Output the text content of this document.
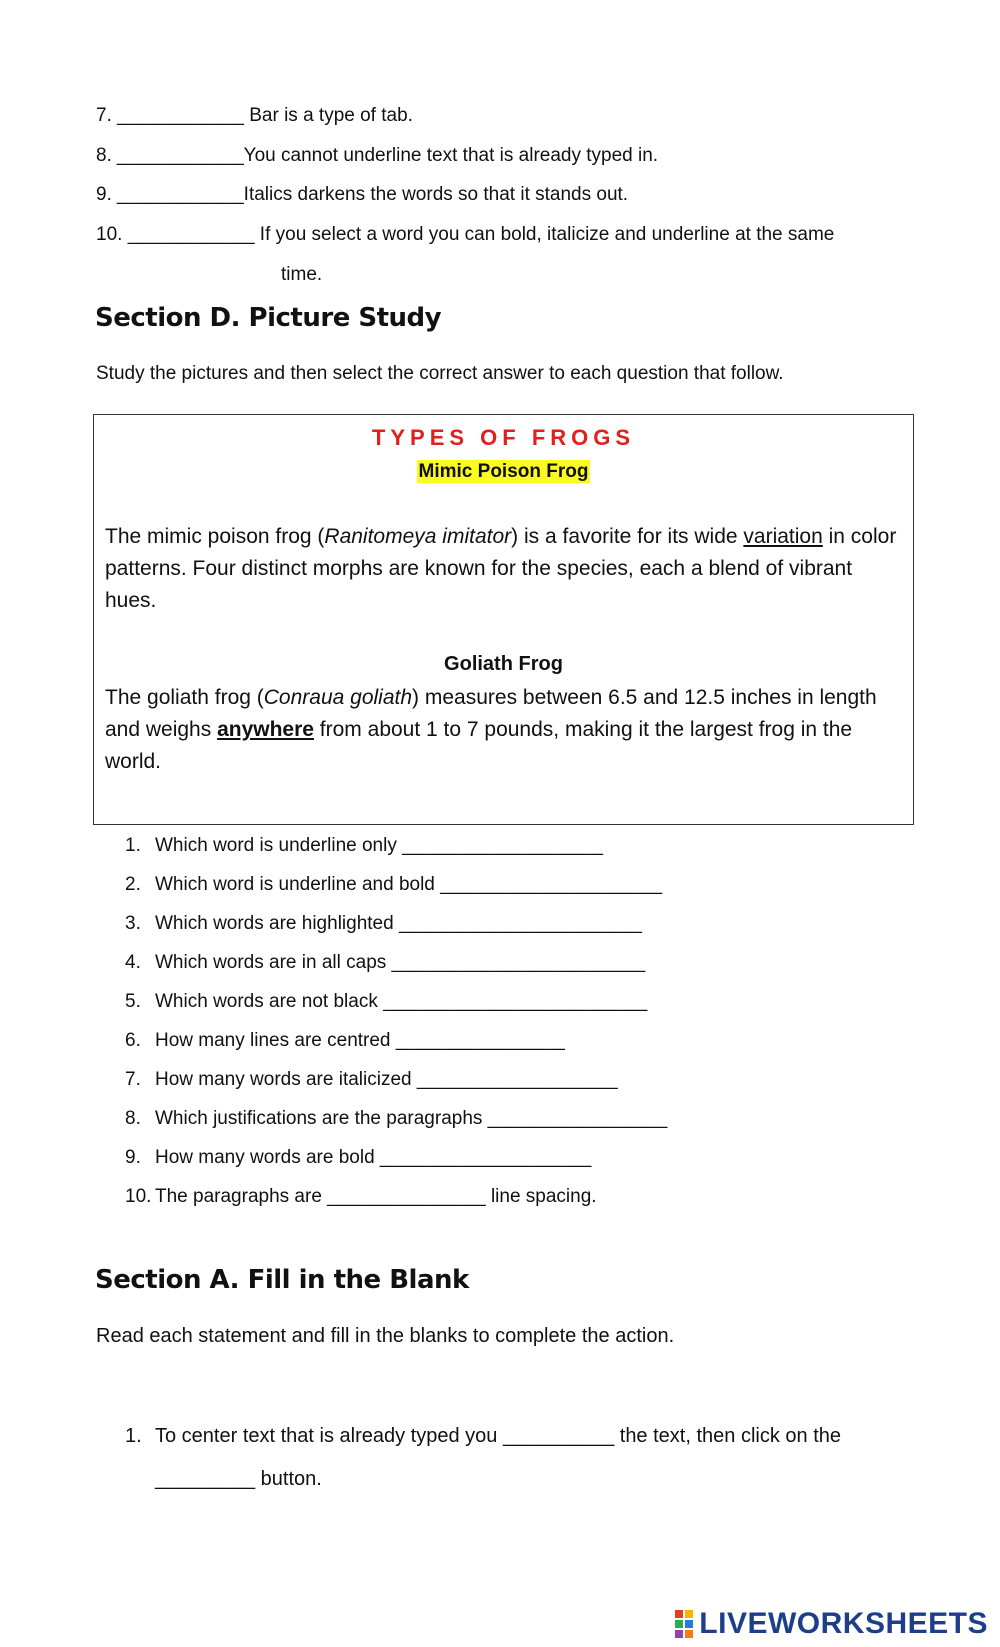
7. ____________ Bar is a type of tab.
8. ____________You cannot underline text that is already typed in.
9. ____________Italics darkens the words so that it stands out.
10. ____________ If you select a word you can bold, italicize and underline at the same
time.
Section D. Picture Study
Study the pictures and then select the correct answer to each question that follow.
TYPES OF FROGS
Mimic Poison Frog
The mimic poison frog (Ranitomeya imitator) is a favorite for its wide variation in color patterns. Four distinct morphs are known for the species, each a blend of vibrant hues.
Goliath Frog
The goliath frog (Conraua goliath) measures between 6.5 and 12.5 inches in length and weighs anywhere from about 1 to 7 pounds, making it the largest frog in the world.
1. Which word is underline only ___________________
2. Which word is underline and bold _____________________
3. Which words are highlighted _______________________
4. Which words are in all caps ________________________
5. Which words are not black _________________________
6. How many lines are centred ________________
7. How many words are italicized ___________________
8. Which justifications are the paragraphs _________________
9. How many words are bold ____________________
10. The paragraphs are _______________ line spacing.
Section A. Fill in the Blank
Read each statement and fill in the blanks to complete the action.
1. To center text that is already typed you __________ the text, then click on the
_________ button.
LIVEWORKSHEETS
